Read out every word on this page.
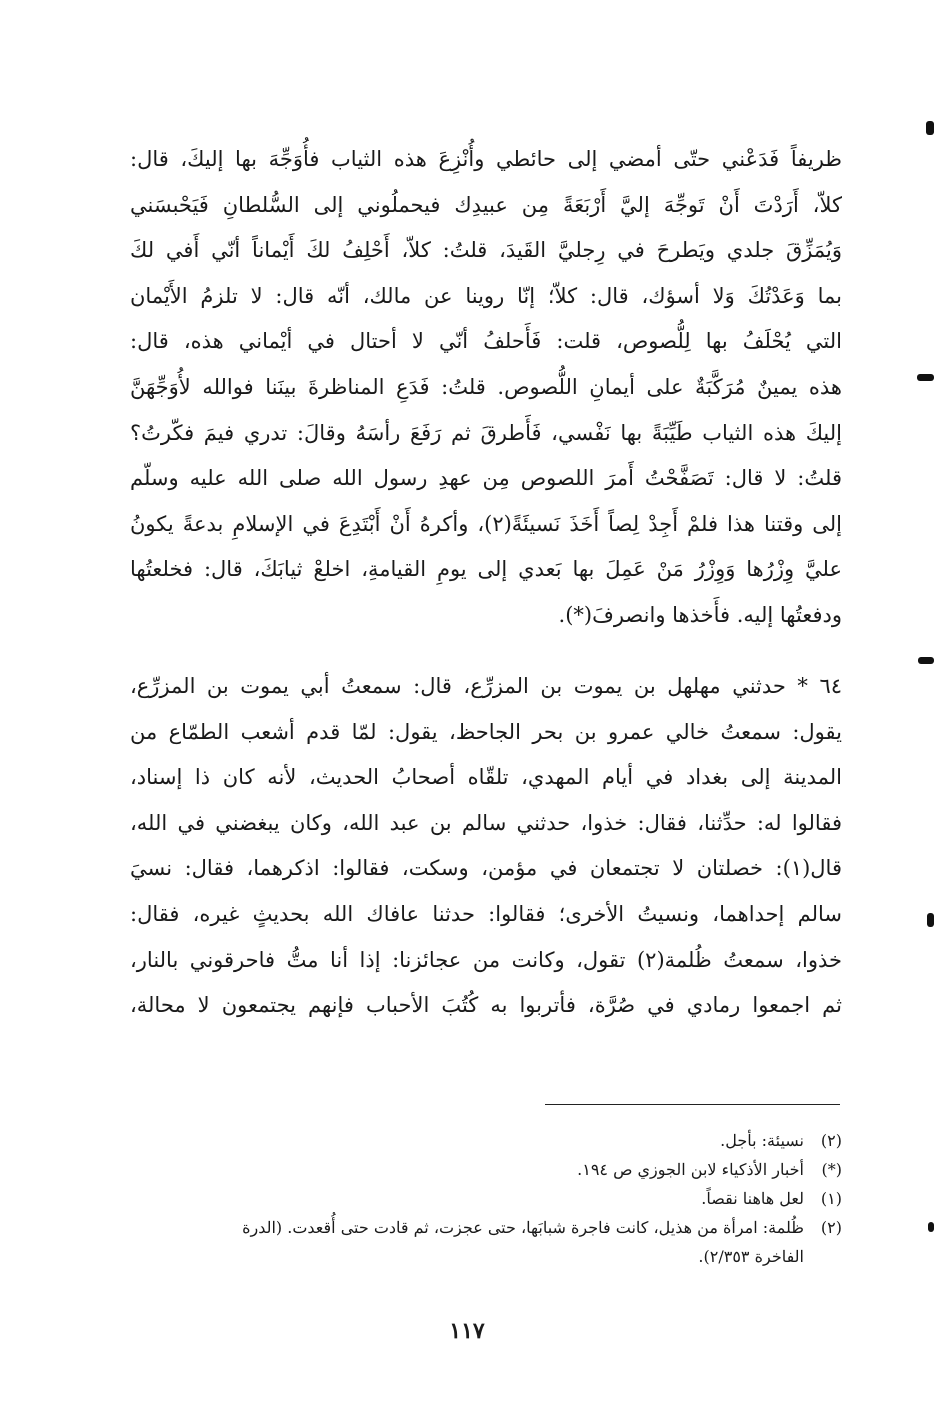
ظريفاً فَدَعْني حتّى أمضي إلى حائطي وأُنْزِعَ هذه الثياب فأُوَجِّهَ بها إليكَ، قال:
كلاّ، أَرَدْتَ أَنْ تَوجِّهَ إليَّ أَرْبَعَةً مِن عبيدِك فيحملُوني إلى السُّلطانِ فَيَحْبسَني
وَيُمَزِّقَ جلدي ويَطرحَ في رِجليَّ القَيدَ، قلتُ: كلاّ، أَحْلِفُ لكَ أَيْماناً أنّي أَفي لكَ
بما وَعَدْتُكَ وَلا أسؤك، قال: كلاّ؛ إنّا روينا عن مالك، أنّه قال: لا تلزمُ الأَيْمان
التي يُحْلَفُ بها لِلُّصوص، قلت: فَأَحلفُ أنّي لا أحتال في أيْماني هذه، قال:
هذه يمينٌ مُرَكَّبَةٌ على أيمانِ اللُّصوص. قلتُ: فَدَعِ المناظرةَ بينَنا فوالله لأُوَجِّهَنَّ
إليكَ هذه الثياب طَيِّبَةً بها نَفْسي، فَأَطرقَ ثم رَفَعَ رأسَهُ وقالَ: تدري فيمَ فكّرتُ؟
قلتُ: لا قال: تَصَفَّحْتُ أَمرَ اللصوص مِن عهدِ رسول الله صلى الله عليه وسلّم
إلى وقتنا هذا فلمْ أَجِدْ لِصاً أَخَذَ نَسيئَةً(٢)، وأكرهُ أَنْ أَبْتَدِعَ في الإسلامِ بدعةً يكونُ
عليَّ وِزْرُها وَوِزْرُ مَنْ عَمِلَ بها بَعدي إلى يومِ القيامةِ، اخلعْ ثيابَكَ، قال: فخلعتُها
ودفعتُها إليه. فأَخذها وانصرفَ(*).
٦٤ * حدثني مهلهل بن يموت بن المزرِّع، قال: سمعتُ أبي يموت بن المزرِّع،
يقول: سمعتُ خالي عمرو بن بحر الجاحظ، يقول: لمّا قدم أشعب الطمّاع من
المدينة إلى بغداد في أيام المهدي، تلقّاه أصحابُ الحديث، لأنه كان ذا إسناد،
فقالوا له: حدِّثنا، فقال: خذوا، حدثني سالم بن عبد الله، وكان يبغضني في الله،
قال(١): خصلتان لا تجتمعان في مؤمن، وسكت، فقالوا: اذكرهما، فقال: نسيَ
سالم إحداهما، ونسيتُ الأخرى؛ فقالوا: حدثنا عافاك الله بحديثٍ غيره، فقال:
خذوا، سمعتُ ظُلمة(٢) تقول، وكانت من عجائزنا: إذا أنا متُّ فاحرقوني بالنار،
ثم اجمعوا رمادي في صُرَّة، فأتربوا به كُتُبَ الأحباب فإنهم يجتمعون لا محالة،
(٢)
نسيئة: بأجل.
(*)
أخبار الأذكياء لابن الجوزي ص ١٩٤.
(١)
لعل هاهنا نقصاً.
(٢)
ظُلمة: امرأة من هذيل، كانت فاجرة شبابَها، حتى عجزت، ثم قادت حتى أُقعدت. (الدرة
الفاخرة ٢/٣٥٣).
١١٧
